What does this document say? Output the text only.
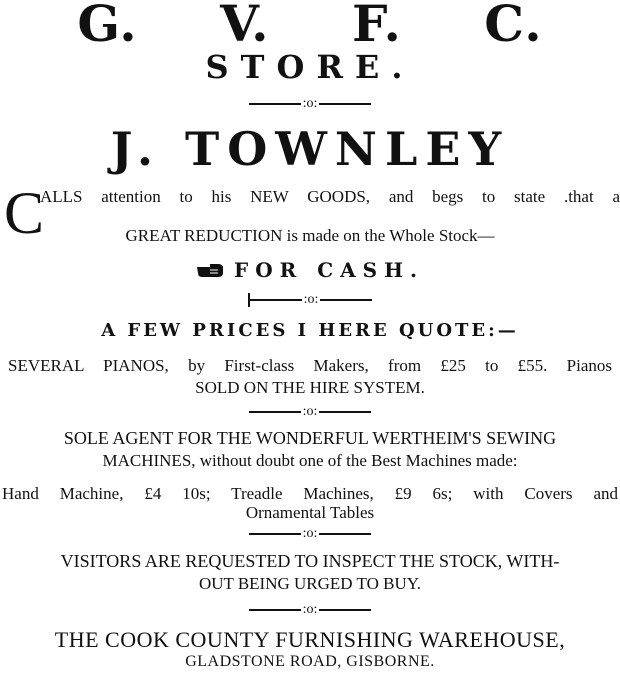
G. V. F. C.
STORE.
:o:
J. TOWNLEY
C
ALLS attention to his NEW GOODS, and begs to state .that a
GREAT REDUCTION is made on the Whole Stock—
FOR CASH.
:o:
A FEW PRICES I HERE QUOTE:—
SEVERAL PIANOS, by First-class Makers, from £25 to £55. Pianos
SOLD ON THE HIRE SYSTEM.
:o:
SOLE AGENT FOR THE WONDERFUL WERTHEIM'S SEWING
MACHINES, without doubt one of the Best Machines made:
Hand Machine, £4 10s; Treadle Machines, £9 6s; with Covers and
Ornamental Tables
:o:
VISITORS ARE REQUESTED TO INSPECT THE STOCK, WITH-
OUT BEING URGED TO BUY.
:o:
THE COOK COUNTY FURNISHING WAREHOUSE,
GLADSTONE ROAD, GISBORNE.
